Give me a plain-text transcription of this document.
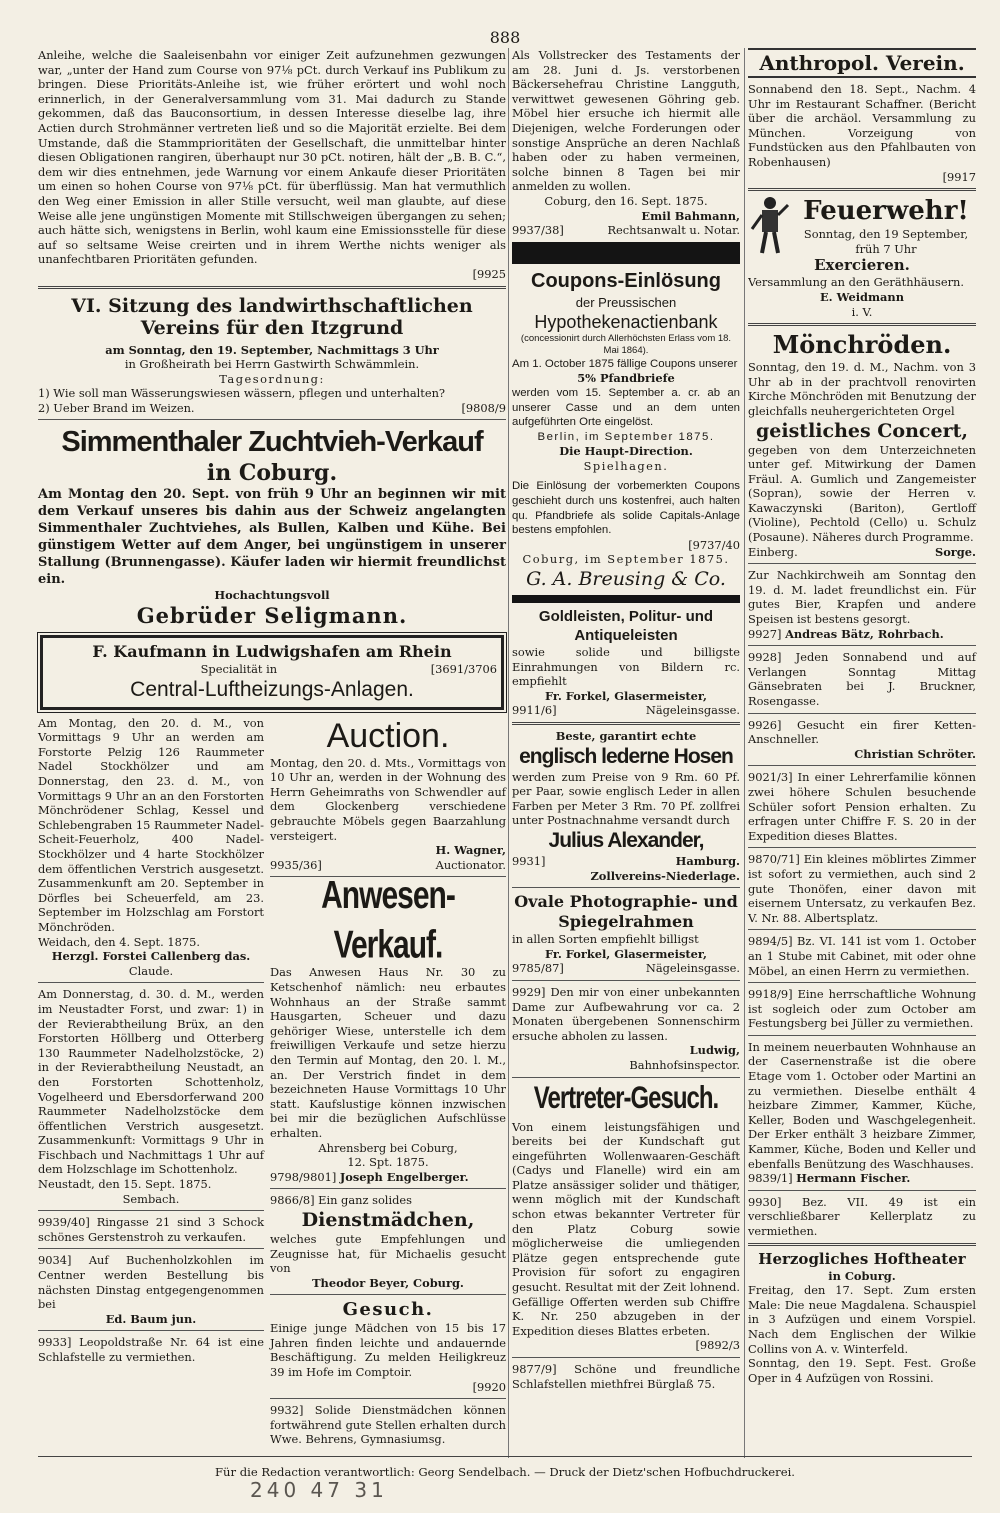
888

Anleihe, welche die Saaleisenbahn vor einiger Zeit aufzunehmen gezwungen war, „unter der Hand zum Course von 97⅛ pCt. durch Verkauf ins Publikum zu bringen. Diese Prioritäts-Anleihe ist, wie früher erörtert und wohl noch erinnerlich, in der Generalversammlung vom 31. Mai dadurch zu Stande gekommen, daß das Bauconsortium, in dessen Interesse dieselbe lag, ihre Actien durch Strohmänner vertreten ließ und so die Majorität erzielte. Bei dem Umstande, daß die Stammprioritäten der Gesellschaft, die unmittelbar hinter diesen Obligationen rangiren, überhaupt nur 30 pCt. notiren, hält der „B. B. C.“, dem wir dies entnehmen, jede Warnung vor einem Ankaufe dieser Prioritäten um einen so hohen Course von 97⅛ pCt. für überflüssig. Man hat vermuthlich den Weg einer Emission in aller Stille versucht, weil man glaubte, auf diese Weise alle jene ungünstigen Momente mit Stillschweigen übergangen zu sehen; auch hätte sich, wenigstens in Berlin, wohl kaum eine Emissionsstelle für diese auf so seltsame Weise creirten und in ihrem Werthe nichts weniger als unanfechtbaren Prioritäten gefunden.

[9925

VI. Sitzung des landwirthschaftlichen Vereins für den Itzgrund

am Sonntag, den 19. September, Nachmittags 3 Uhr

in Großheirath bei Herrn Gastwirth Schwämmlein.

Tagesordnung:

1) Wie soll man Wässerungswiesen wässern, pflegen und unterhalten?

2) Ueber Brand im Weizen.	[9808/9

Simmenthaler Zuchtvieh-Verkauf

in Coburg.

Am Montag den 20. Sept. von früh 9 Uhr an beginnen wir mit dem Verkauf unseres bis dahin aus der Schweiz angelangten Simmenthaler Zuchtviehes, als Bullen, Kalben und Kühe. Bei günstigem Wetter auf dem Anger, bei ungünstigem in unserer Stallung (Brunnengasse). Käufer laden wir hiermit freundlichst ein.

Hochachtungsvoll

Gebrüder Seligmann.

F. Kaufmann in Ludwigshafen am Rhein

Specialität in	[3691/3706

Central-Luftheizungs-Anlagen.

Am Montag, den 20. d. M., von Vormittags 9 Uhr an werden am Forstorte Pelzig 126 Raummeter Nadel Stockhölzer und am Donnerstag, den 23. d. M., von Vormittags 9 Uhr an an den Forstorten Mönchrödener Schlag, Kessel und Schlebengraben 15 Raummeter Nadel-Scheit-Feuerholz, 400 Nadel-Stockhölzer und 4 harte Stockhölzer dem öffentlichen Verstrich ausgesetzt. Zusammenkunft am 20. September in Dörfles bei Scheuerfeld, am 23. September im Holzschlag am Forstort Mönchröden.

Weidach, den 4. Sept. 1875.

Herzgl. Forstei Callenberg das.

Claude.

Am Donnerstag, d. 30. d. M., werden im Neustadter Forst, und zwar: 1) in der Revierabtheilung Brüx, an den Forstorten Höllberg und Otterberg 130 Raummeter Nadelholzstöcke, 2) in der Revierabtheilung Neustadt, an den Forstorten Schottenholz, Vogelheerd und Ebersdorferwand 200 Raummeter Nadelholzstöcke dem öffentlichen Verstrich ausgesetzt. Zusammenkunft: Vormittags 9 Uhr in Fischbach und Nachmittags 1 Uhr auf dem Holzschlage im Schottenholz.

Neustadt, den 15. Sept. 1875.

Sembach.

9939/40] Ringasse 21 sind 3 Schock schönes Gerstenstroh zu verkaufen.

9034] Auf Buchenholzkohlen im Centner werden Bestellung bis nächsten Dinstag entgegengenommen bei

Ed. Baum jun.

9933] Leopoldstraße Nr. 64 ist eine Schlafstelle zu vermiethen.

Auction.

Montag, den 20. d. Mts., Vormittags von 10 Uhr an, werden in der Wohnung des Herrn Geheimraths von Schwendler auf dem Glockenberg verschiedene gebrauchte Möbels gegen Baarzahlung versteigert.

H. Wagner,

9935/36]	Auctionator.

Anwesen-Verkauf.

Das Anwesen Haus Nr. 30 zu Ketschenhof nämlich: neu erbautes Wohnhaus an der Straße sammt Hausgarten, Scheuer und dazu gehöriger Wiese, unterstelle ich dem freiwilligen Verkaufe und setze hierzu den Termin auf Montag, den 20. l. M., an. Der Verstrich findet in dem bezeichneten Hause Vormittags 10 Uhr statt. Kaufslustige können inzwischen bei mir die bezüglichen Aufschlüsse erhalten.

Ahrensberg bei Coburg,

12. Spt. 1875.

9798/9801] Joseph Engelberger.

9866/8] Ein ganz solides

Dienstmädchen,

welches gute Empfehlungen und Zeugnisse hat, für Michaelis gesucht von

Theodor Beyer, Coburg.

Gesuch.

Einige junge Mädchen von 15 bis 17 Jahren finden leichte und andauernde Beschäftigung. Zu melden Heiligkreuz 39 im Hofe im Comptoir.

[9920

9932] Solide Dienstmädchen können fortwährend gute Stellen erhalten durch Wwe. Behrens, Gymnasiumsg.

Als Vollstrecker des Testaments der am 28. Juni d. Js. verstorbenen Bäckersehefrau Christine Langguth, verwittwet gewesenen Göhring geb. Möbel hier ersuche ich hiermit alle Diejenigen, welche Forderungen oder sonstige Ansprüche an deren Nachlaß haben oder zu haben vermeinen, solche binnen 8 Tagen bei mir anmelden zu wollen.

Coburg, den 16. Sept. 1875.

Emil Bahmann,

9937/38]	Rechtsanwalt u. Notar.

Coupons-Einlösung

der Preussischen

Hypothekenactienbank

(concessionirt durch Allerhöchsten Erlass vom 18. Mai 1864).

Am 1. October 1875 fällige Coupons unserer

5% Pfandbriefe

werden vom 15. September a. cr. ab an unserer Casse und an dem unten aufgeführten Orte eingelöst.

Berlin, im September 1875.

Die Haupt-Direction.

Spielhagen.

Die Einlösung der vorbemerkten Coupons geschieht durch uns kostenfrei, auch halten qu. Pfandbriefe als solide Capitals-Anlage bestens empfohlen.

[9737/40

Coburg, im September 1875.

G. A. Breusing & Co.

Goldleisten, Politur- und Antiqueleisten

sowie solide und billigste Einrahmungen von Bildern rc. empfiehlt

Fr. Forkel, Glasermeister,

9911/6]	Nägeleinsgasse.

Beste, garantirt echte

englisch lederne Hosen

werden zum Preise von 9 Rm. 60 Pf. per Paar, sowie englisch Leder in allen Farben per Meter 3 Rm. 70 Pf. zollfrei unter Postnachnahme versandt durch

Julius Alexander,

9931]	Hamburg.

Zollvereins-Niederlage.

Ovale Photographie- und Spiegelrahmen

in allen Sorten empfiehlt billigst

Fr. Forkel, Glasermeister,

9785/87]	Nägeleinsgasse.

9929] Den mir von einer unbekannten Dame zur Aufbewahrung vor ca. 2 Monaten übergebenen Sonnenschirm ersuche abholen zu lassen.

Ludwig,

Bahnhofsinspector.

Vertreter-Gesuch.

Von einem leistungsfähigen und bereits bei der Kundschaft gut eingeführten Wollenwaaren-Geschäft (Cadys und Flanelle) wird ein am Platze ansässiger solider und thätiger, wenn möglich mit der Kundschaft schon etwas bekannter Vertreter für den Platz Coburg sowie möglicherweise die umliegenden Plätze gegen entsprechende gute Provision für sofort zu engagiren gesucht. Resultat mit der Zeit lohnend. Gefällige Offerten werden sub Chiffre K. Nr. 250 abzugeben in der Expedition dieses Blattes erbeten.

[9892/3

9877/9] Schöne und freundliche Schlafstellen miethfrei Bürglaß 75.

Anthropol. Verein.

Sonnabend den 18. Sept., Nachm. 4 Uhr im Restaurant Schaffner. (Bericht über die archäol. Versammlung zu München. Vorzeigung von Fundstücken aus den Pfahlbauten von Robenhausen)

[9917

Feuerwehr!

Sonntag, den 19 September, früh 7 Uhr

Exercieren.

Versammlung an den Geräthhäusern.

E. Weidmann

i. V.

Mönchröden.

Sonntag, den 19. d. M., Nachm. von 3 Uhr ab in der prachtvoll renovirten Kirche Mönchröden mit Benutzung der gleichfalls neuhergerichteten Orgel

geistliches Concert,

gegeben von dem Unterzeichneten unter gef. Mitwirkung der Damen Fräul. A. Gumlich und Zangemeister (Sopran), sowie der Herren v. Kawaczynski (Bariton), Gertloff (Violine), Pechtold (Cello) u. Schulz (Posaune). Näheres durch Programme.

Einberg.	Sorge.

Zur Nachkirchweih am Sonntag den 19. d. M. ladet freundlichst ein. Für gutes Bier, Krapfen und andere Speisen ist bestens gesorgt.

9927] Andreas Bätz, Rohrbach.

9928] Jeden Sonnabend und auf Verlangen Sonntag Mittag Gänsebraten bei J. Bruckner, Rosengasse.

9926] Gesucht ein firer Ketten-Anschneller.

Christian Schröter.

9021/3] In einer Lehrerfamilie können zwei höhere Schulen besuchende Schüler sofort Pension erhalten. Zu erfragen unter Chiffre F. S. 20 in der Expedition dieses Blattes.

9870/71] Ein kleines möblirtes Zimmer ist sofort zu vermiethen, auch sind 2 gute Thonöfen, einer davon mit eisernem Untersatz, zu verkaufen Bez. V. Nr. 88. Albertsplatz.

9894/5] Bz. VI. 141 ist vom 1. October an 1 Stube mit Cabinet, mit oder ohne Möbel, an einen Herrn zu vermiethen.

9918/9] Eine herrschaftliche Wohnung ist sogleich oder zum October am Festungsberg bei Jüller zu vermiethen.

In meinem neuerbauten Wohnhause an der Casernenstraße ist die obere Etage vom 1. October oder Martini an zu vermiethen. Dieselbe enthält 4 heizbare Zimmer, Kammer, Küche, Keller, Boden und Waschgelegenheit. Der Erker enthält 3 heizbare Zimmer, Kammer, Küche, Boden und Keller und ebenfalls Benützung des Waschhauses.

9839/1] Hermann Fischer.

9930] Bez. VII. 49 ist ein verschließbarer Kellerplatz zu vermiethen.

Herzogliches Hoftheater

in Coburg.

Freitag, den 17. Sept. Zum ersten Male: Die neue Magdalena. Schauspiel in 3 Aufzügen und einem Vorspiel. Nach dem Englischen der Wilkie Collins von A. v. Winterfeld.

Sonntag, den 19. Sept. Fest. Große Oper in 4 Aufzügen von Rossini.

Für die Redaction verantwortlich: Georg Sendelbach. — Druck der Dietz'schen Hofbuchdruckerei.
240 47 31
